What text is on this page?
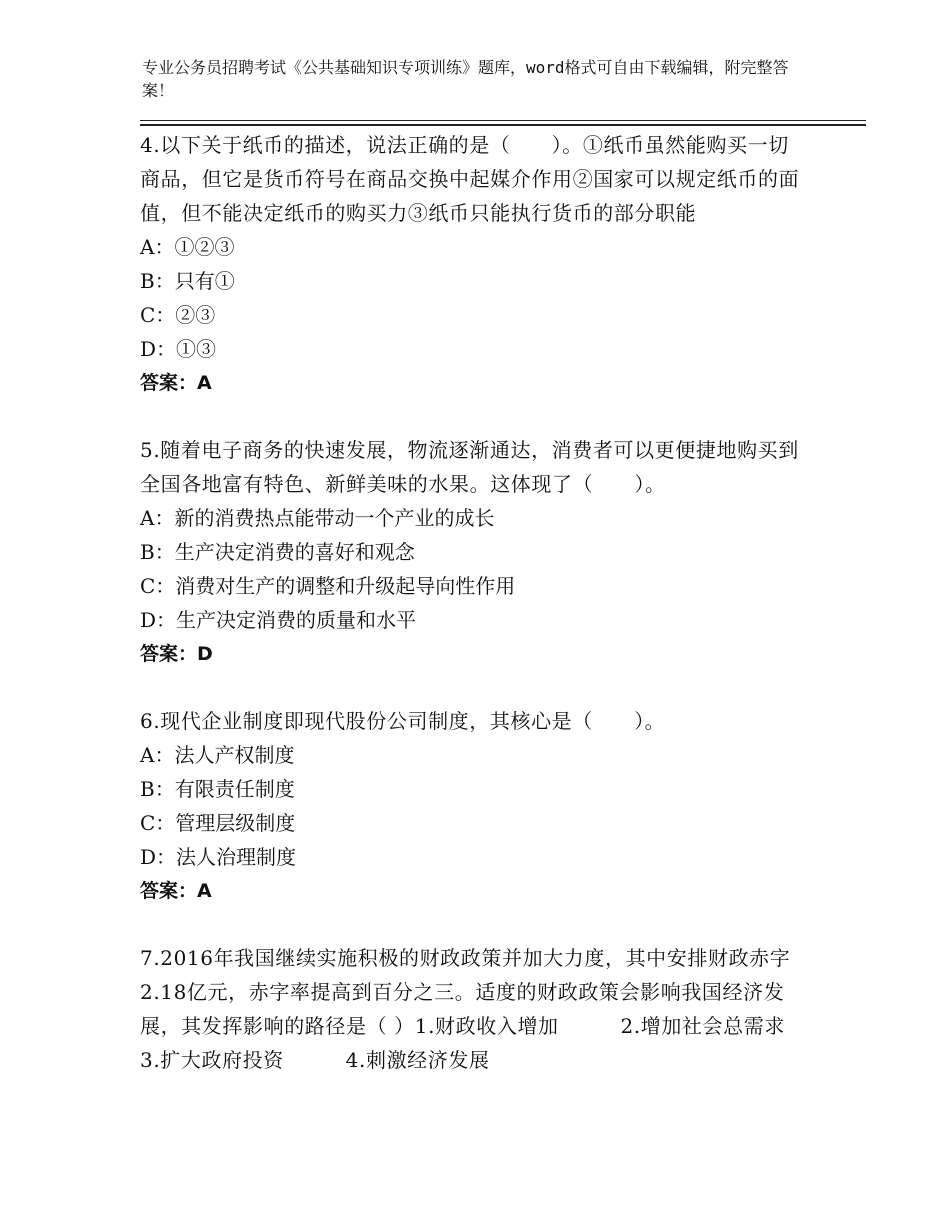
专业公务员招聘考试《公共基础知识专项训练》题库，word格式可自由下载编辑，附完整答案！
4.以下关于纸币的描述，说法正确的是（　　）。①纸币虽然能购买一切商品，但它是货币符号在商品交换中起媒介作用②国家可以规定纸币的面值，但不能决定纸币的购买力③纸币只能执行货币的部分职能
A：①②③
B：只有①
C：②③
D：①③
答案：A
5.随着电子商务的快速发展，物流逐渐通达，消费者可以更便捷地购买到全国各地富有特色、新鲜美味的水果。这体现了（　　）。
A：新的消费热点能带动一个产业的成长
B：生产决定消费的喜好和观念
C：消费对生产的调整和升级起导向性作用
D：生产决定消费的质量和水平
答案：D
6.现代企业制度即现代股份公司制度，其核心是（　　）。
A：法人产权制度
B：有限责任制度
C：管理层级制度
D：法人治理制度
答案：A
7.2016年我国继续实施积极的财政政策并加大力度，其中安排财政赤字2.18亿元，赤字率提高到百分之三。适度的财政政策会影响我国经济发展，其发挥影响的路径是（ ）1.财政收入增加　　　2.增加社会总需求　　　3.扩大政府投资　　　4.刺激经济发展
